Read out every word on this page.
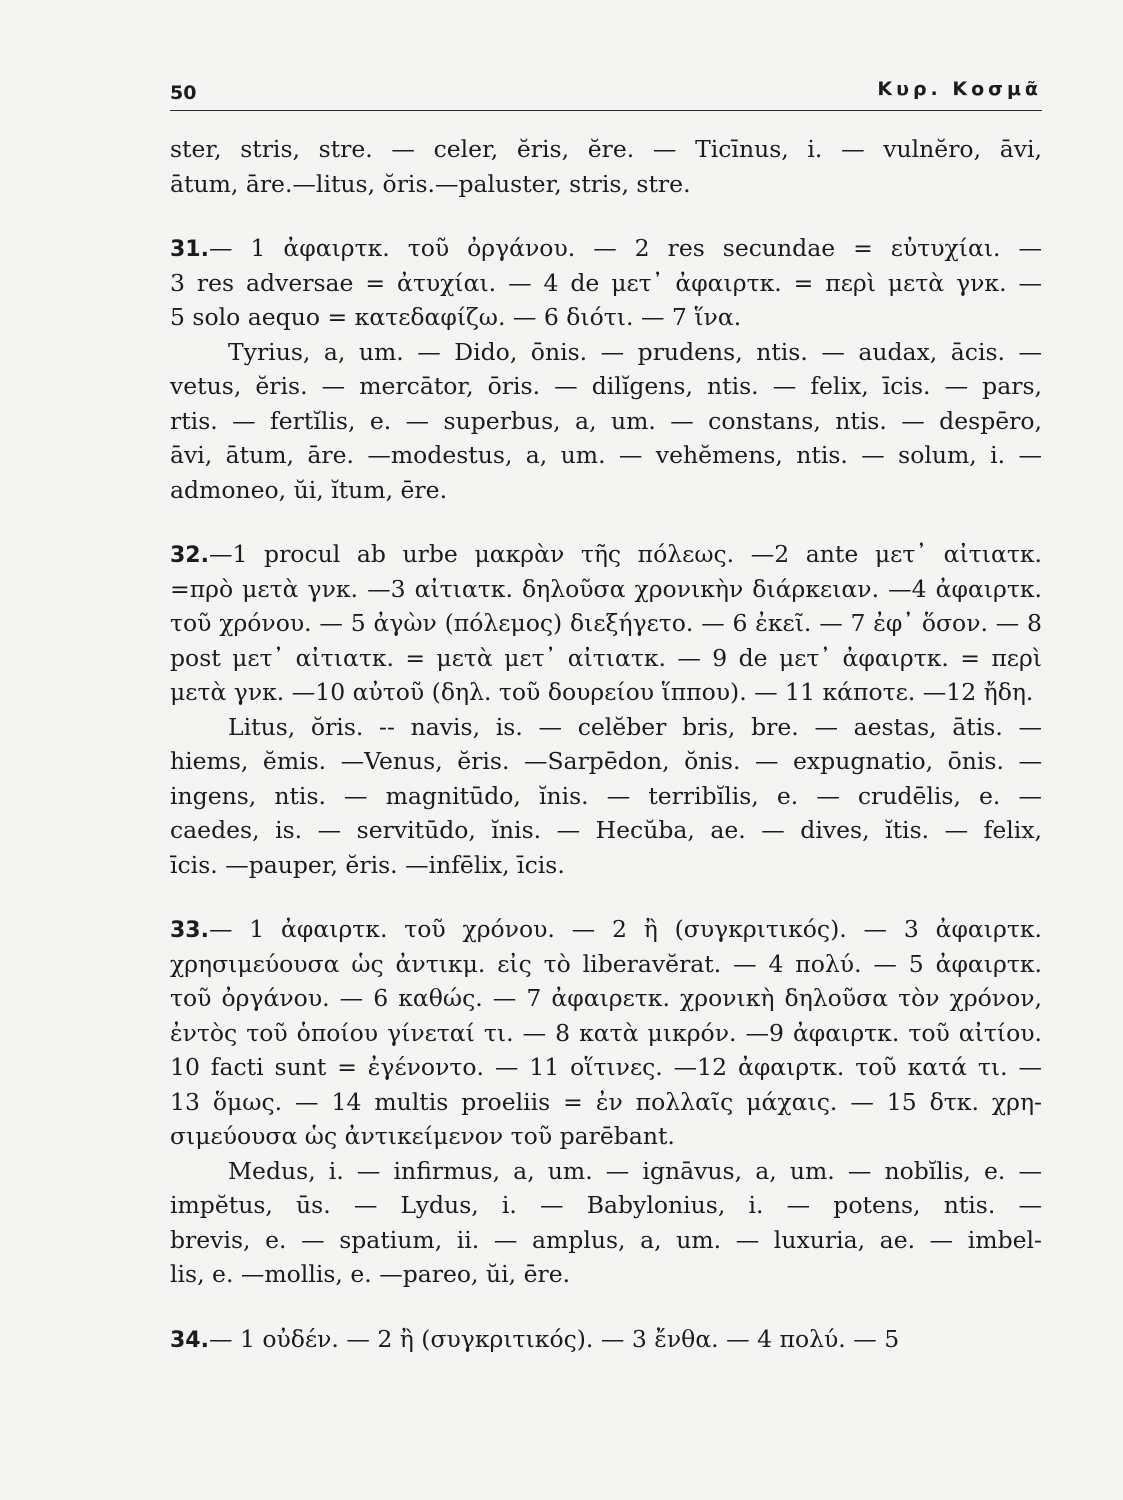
50	Κυρ. Κοσμᾶ
ster, stris, stre. — celer, ĕris, ĕre. — Ticīnus, i. — vulnĕro, āvi,
ātum, āre.—litus, ŏris.—paluster, stris, stre.
31.— 1 ἀφαιρτκ. τοῦ ὀργάνου. — 2 res secundae = εὐτυχίαι. —
3 res adversae = ἀτυχίαι. — 4 de μετ᾽ ἀφαιρτκ. = περὶ μετὰ γνκ. —
5 solo aequo = κατεδαφίζω. — 6 διότι. — 7 ἵνα.
Tyrius, a, um. — Dido, ōnis. — prudens, ntis. — audax, ācis. —
vetus, ĕris. — mercātor, ōris. — dilĭgens, ntis. — felix, īcis. — pars,
rtis. — fertĭlis, e. — superbus, a, um. — constans, ntis. — despēro,
āvi, ātum, āre. —modestus, a, um. — vehĕmens, ntis. — solum, i. —
admoneo, ŭi, ĭtum, ēre.
32.—1 procul ab urbe μακρὰν τῆς πόλεως. —2 ante μετ᾽ αἰτιατκ.
=πρὸ μετὰ γνκ. —3 αἰτιατκ. δηλοῦσα χρονικὴν διάρκειαν. —4 ἀφαιρτκ.
τοῦ χρόνου. — 5 ἀγὼν (πόλεμος) διεξήγετο. — 6 ἐκεῖ. — 7 ἐφ᾽ ὅσον. — 8
post μετ᾽ αἰτιατκ. = μετὰ μετ᾽ αἰτιατκ. — 9 de μετ᾽ ἀφαιρτκ. = περὶ
μετὰ γνκ. —10 αὐτοῦ (δηλ. τοῦ δουρείου ἵππου). — 11 κάποτε. —12 ἤδη.
Litus, ŏris. -- navis, is. — celĕber bris, bre. — aestas, ātis. —
hiems, ĕmis. —Venus, ĕris. —Sarpēdon, ŏnis. — expugnatio, ōnis. —
ingens, ntis. — magnitūdo, ĭnis. — terribĭlis, e. — crudēlis, e. —
caedes, is. — servitūdo, ĭnis. — Hecŭba, ae. — dives, ĭtis. — felix,
īcis. —pauper, ĕris. —infēlix, īcis.
33.— 1 ἀφαιρτκ. τοῦ χρόνου. — 2 ἢ (συγκριτικός). — 3 ἀφαιρτκ.
χρησιμεύουσα ὡς ἀντικμ. εἰς τὸ liberavĕrat. — 4 πολύ. — 5 ἀφαιρτκ.
τοῦ ὀργάνου. — 6 καθώς. — 7 ἀφαιρετκ. χρονικὴ δηλοῦσα τὸν χρόνον,
ἐντὸς τοῦ ὁποίου γίνεταί τι. — 8 κατὰ μικρόν. —9 ἀφαιρτκ. τοῦ αἰτίου.
10 facti sunt = ἐγένοντο. — 11 οἵτινες. —12 ἀφαιρτκ. τοῦ κατά τι. —
13 ὅμως. — 14 multis proeliis = ἐν πολλαῖς μάχαις. — 15 δτκ. χρη-
σιμεύουσα ὡς ἀντικείμενον τοῦ parēbant.
Medus, i. — infirmus, a, um. — ignāvus, a, um. — nobĭlis, e. —
impĕtus, ūs. — Lydus, i. — Babylonius, i. — potens, ntis. —
brevis, e. — spatium, ii. — amplus, a, um. — luxuria, ae. — imbel-
lis, e. —mollis, e. —pareo, ŭi, ēre.
34.— 1 οὐδέν. — 2 ἢ (συγκριτικός). — 3 ἔνθα. — 4 πολύ. — 5
